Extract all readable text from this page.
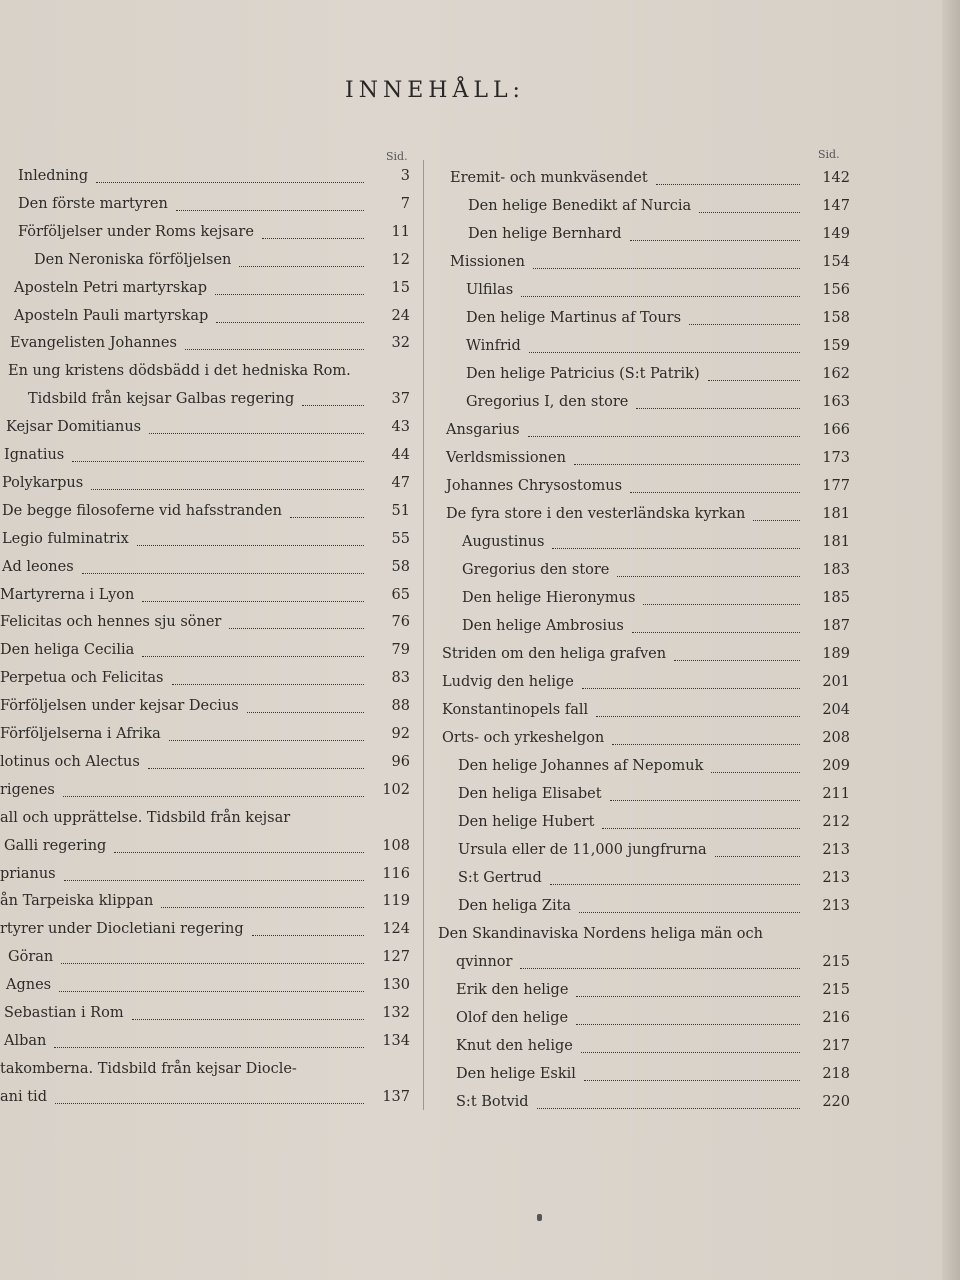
INNEHÅLL:
Sid.
Inledning	3
Den förste martyren	7
Förföljelser under Roms kejsare	11
Den Neroniska förföljelsen	12
Aposteln Petri martyrskap	15
Aposteln Pauli martyrskap	24
Evangelisten Johannes	32
En ung kristens dödsbädd i det hedniska Rom.
Tidsbild från kejsar Galbas regering	37
Kejsar Domitianus	43
Ignatius	44
Polykarpus	47
De begge filosoferne vid hafsstranden	51
Legio fulminatrix	55
Ad leones	58
Martyrerna i Lyon	65
Felicitas och hennes sju söner	76
Den heliga Cecilia	79
Perpetua och Felicitas	83
Förföljelsen under kejsar Decius	88
Förföljelserna i Afrika	92
lotinus och Alectus	96
rigenes	102
all och upprättelse. Tidsbild från kejsar
Galli regering	108
prianus	116
ån Tarpeiska klippan	119
rtyrer under Diocletiani regering	124
Göran	127
Agnes	130
Sebastian i Rom	132
Alban	134
takomberna. Tidsbild från kejsar Diocle-
ani tid	137
Sid.
Eremit- och munkväsendet	142
Den helige Benedikt af Nurcia	147
Den helige Bernhard	149
Missionen	154
Ulfilas	156
Den helige Martinus af Tours	158
Winfrid	159
Den helige Patricius (S:t Patrik)	162
Gregorius I, den store	163
Ansgarius	166
Verldsmissionen	173
Johannes Chrysostomus	177
De fyra store i den vesterländska kyrkan	181
Augustinus	181
Gregorius den store	183
Den helige Hieronymus	185
Den helige Ambrosius	187
Striden om den heliga grafven	189
Ludvig den helige	201
Konstantinopels fall	204
Orts- och yrkeshelgon	208
Den helige Johannes af Nepomuk	209
Den heliga Elisabet	211
Den helige Hubert	212
Ursula eller de 11,000 jungfrurna	213
S:t Gertrud	213
Den heliga Zita	213
Den Skandinaviska Nordens heliga män och
qvinnor	215
Erik den helige	215
Olof den helige	216
Knut den helige	217
Den helige Eskil	218
S:t Botvid	220
